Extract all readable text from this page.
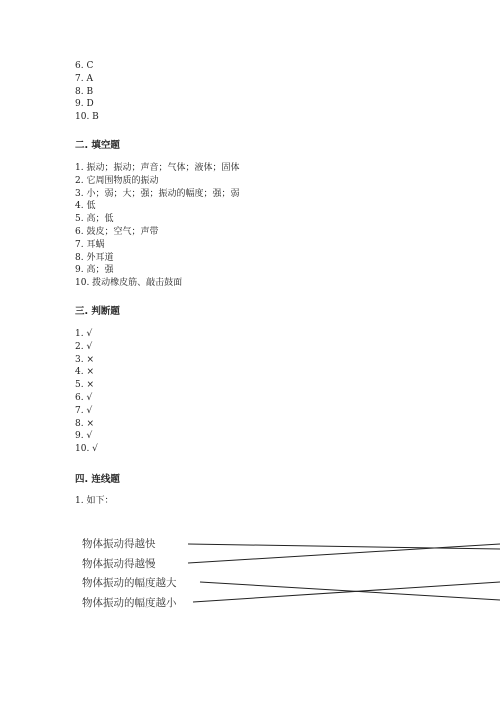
6. C
7. A
8. B
9. D
10. B
二. 填空题
1. 振动；振动；声音；气体；液体；固体
2. 它周围物质的振动
3. 小；弱；大；强；振动的幅度；强；弱
4. 低
5. 高；低
6. 鼓皮；空气；声带
7. 耳蜗
8. 外耳道
9. 高；强
10. 拨动橡皮筋、敲击鼓面
三. 判断题
1. √
2. √
3. ×
4. ×
5. ×
6. √
7. √
8. ×
9. √
10. √
四. 连线题
1. 如下：
物体振动得越快
物体振动得越慢
物体振动的幅度越大
物体振动的幅度越小
